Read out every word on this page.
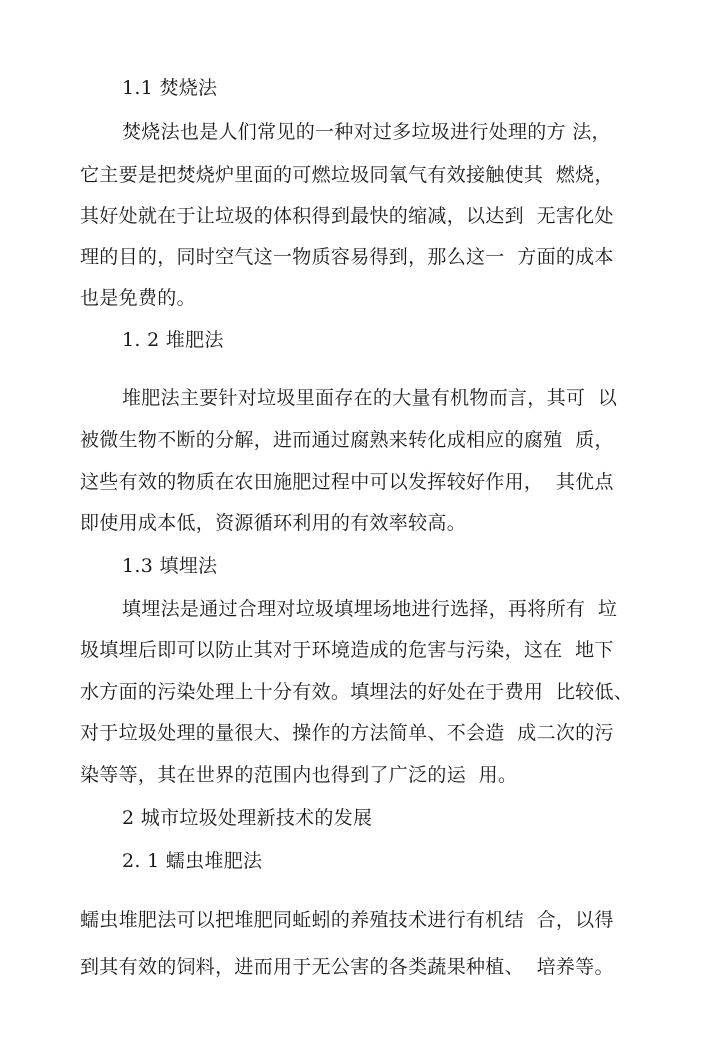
1.1 焚烧法
焚烧法也是人们常见的一种对过多垃圾进行处理的方 法，
它主要是把焚烧炉里面的可燃垃圾同氧气有效接触使其  燃烧，
其好处就在于让垃圾的体积得到最快的缩减，以达到  无害化处
理的目的，同时空气这一物质容易得到，那么这一  方面的成本
也是免费的。
1. 2 堆肥法
堆肥法主要针对垃圾里面存在的大量有机物而言，其可  以
被微生物不断的分解，进而通过腐熟来转化成相应的腐殖  质，
这些有效的物质在农田施肥过程中可以发挥较好作用，  其优点
即使用成本低，资源循环利用的有效率较高。
1.3 填埋法
填埋法是通过合理对垃圾填埋场地进行选择，再将所有  垃
圾填埋后即可以防止其对于环境造成的危害与污染，这在  地下
水方面的污染处理上十分有效。填埋法的好处在于费用  比较低、
对于垃圾处理的量很大、操作的方法简单、不会造  成二次的污
染等等，其在世界的范围内也得到了广泛的运  用。
2 城市垃圾处理新技术的发展
2. 1 蠕虫堆肥法
蠕虫堆肥法可以把堆肥同蚯蚓的养殖技术进行有机结  合，以得
到其有效的饲料，进而用于无公害的各类蔬果种植、  培养等。
